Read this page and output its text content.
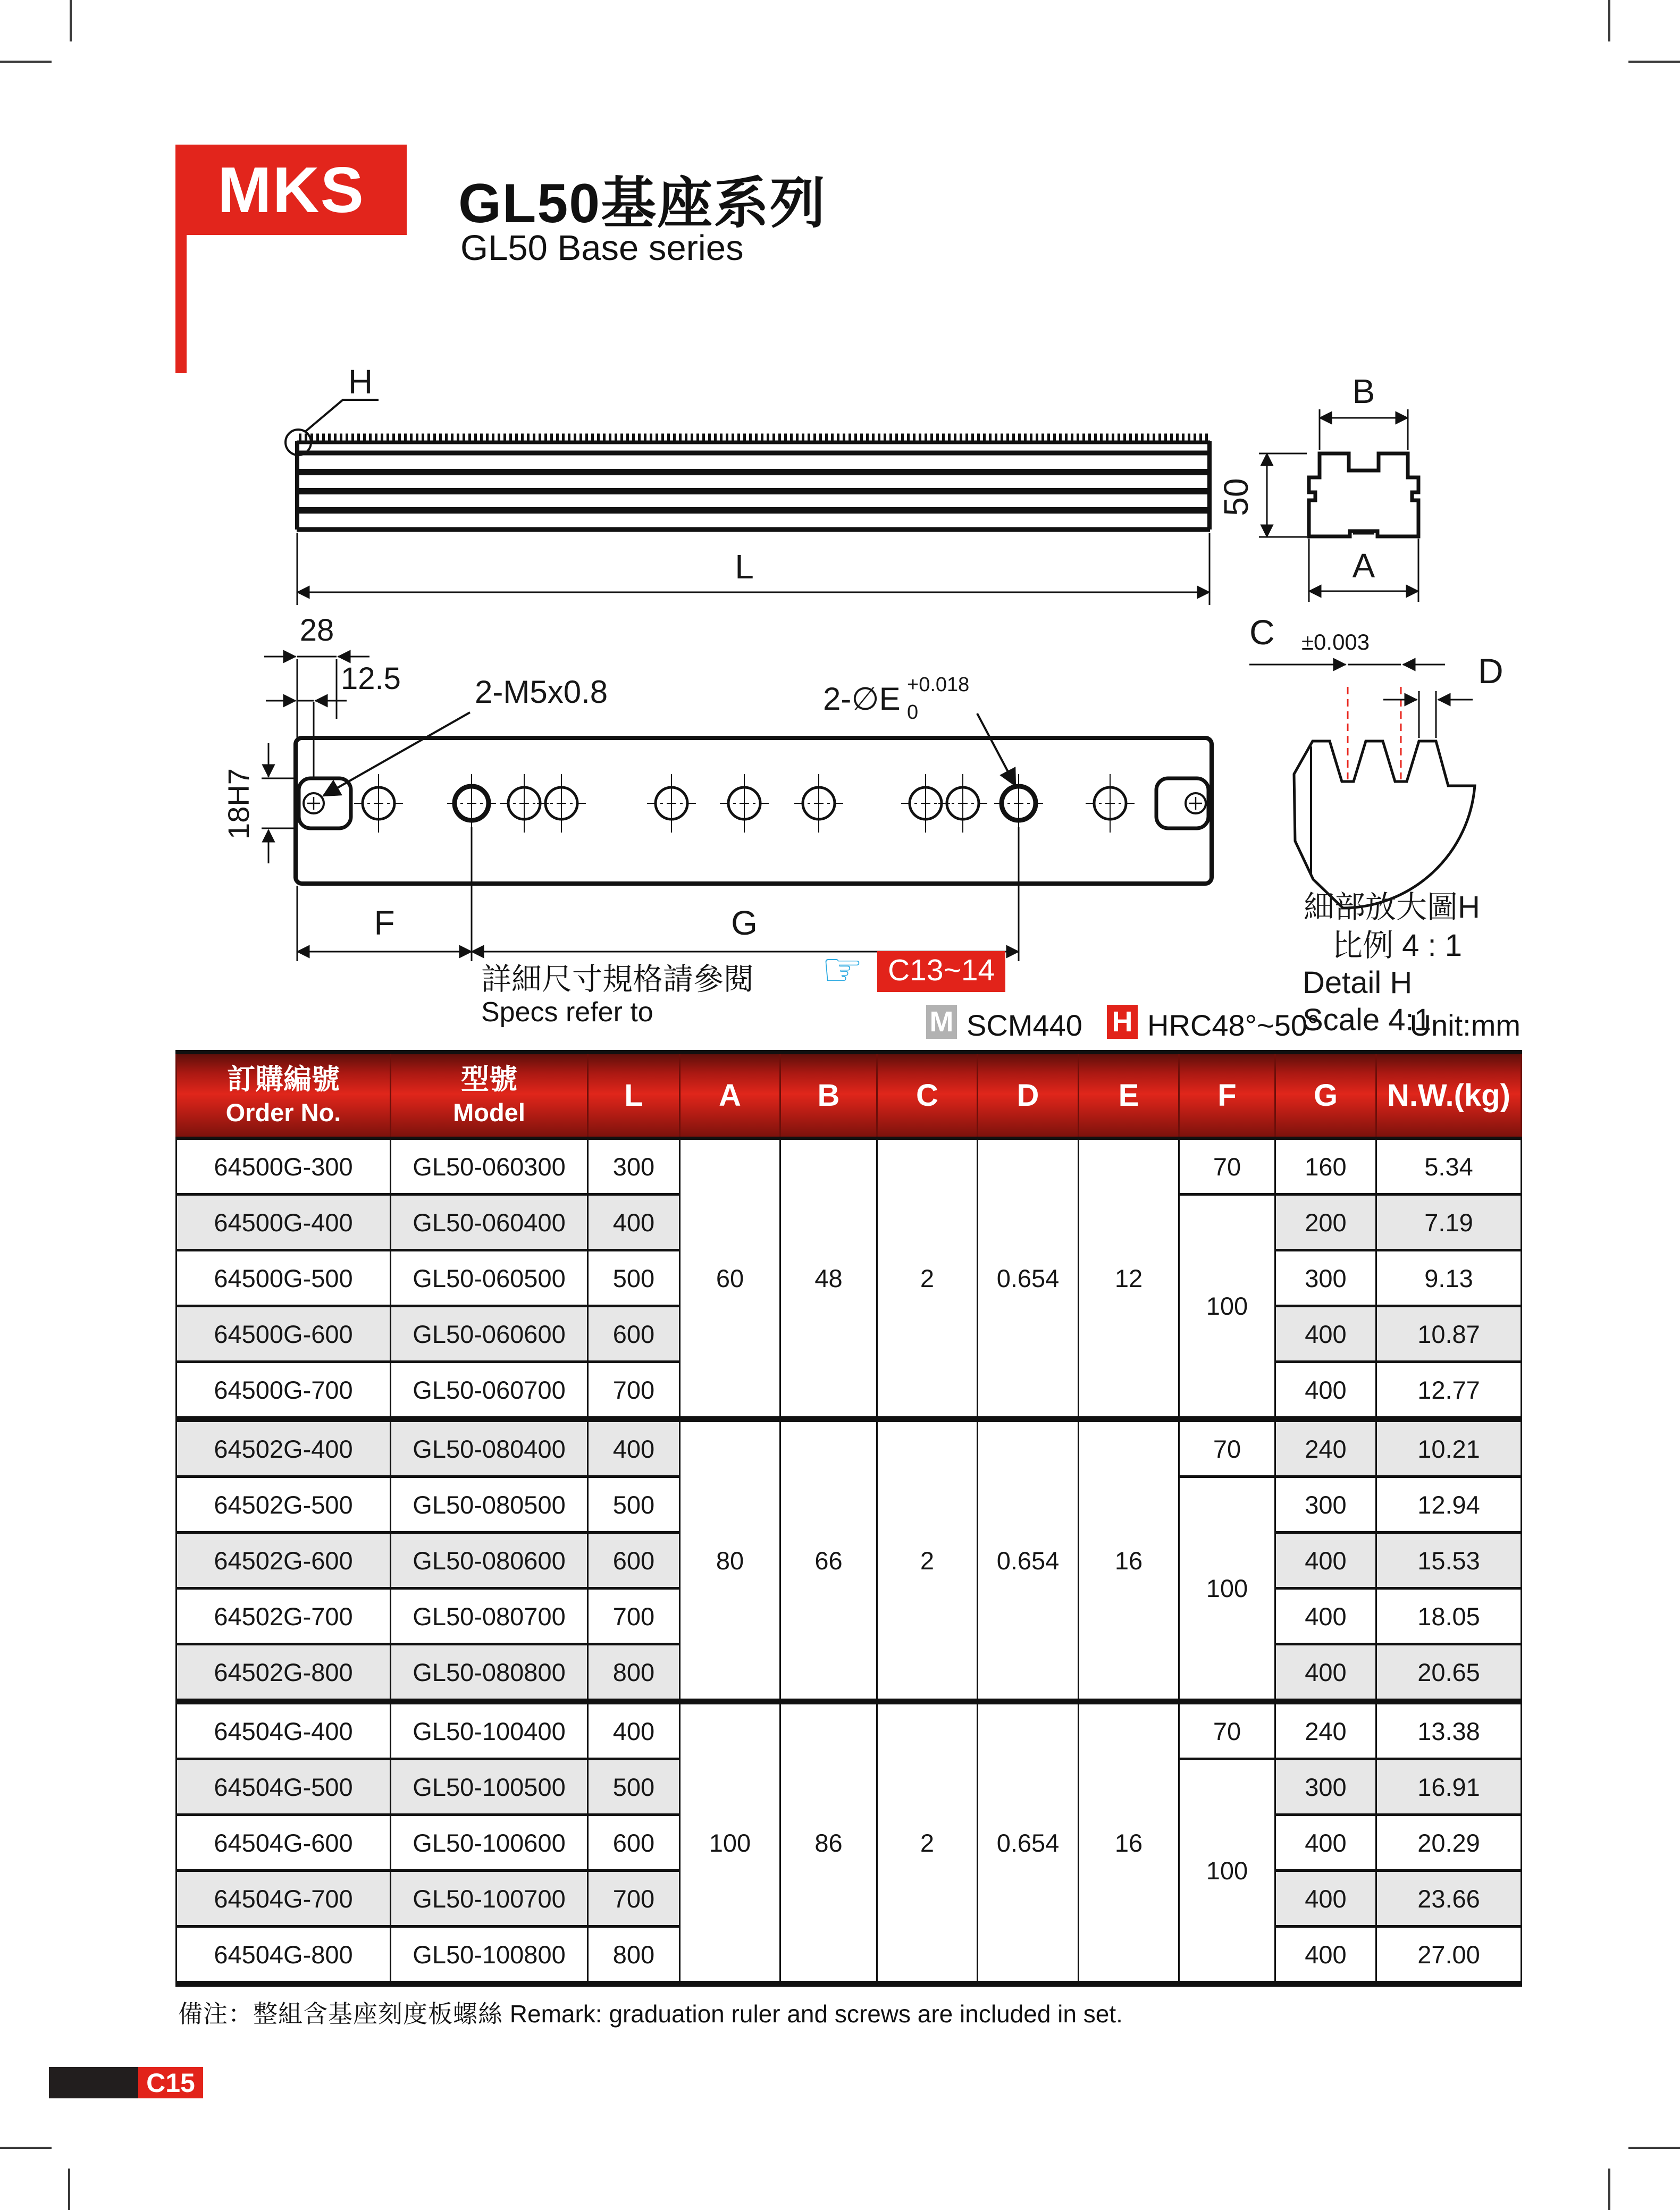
H
L
50
B
A
28
12.5 2-M5x0.8	2-∅E +0.018
0
18H7
F	G
C ±0.003
D
細部放大圖H
比例 4 : 1
Detail H
Scale 4:1
MKS GL50基座系列
GL50 Base series
詳細尺寸規格請參閱 ☞ C13~14
Specs refer to	M SCM440 H HRC48°~50°	Unit:mm
訂購編號
Order No.

型號
Model	L	A	B	C	D	E	F	G	N.W.(kg)

64500G-300	GL50-060300	300	60	48	2	0.654	12	70	160	5.34
64500G-400	GL50-060400	400						100	200	7.19
64500G-500	GL50-060500	500							300	9.13
64500G-600	GL50-060600	600							400	10.87
64500G-700	GL50-060700	700							400	12.77
64502G-400	GL50-080400	400	80	66	2	0.654	16	70	240	10.21
64502G-500	GL50-080500	500						100	300	12.94
64502G-600	GL50-080600	600							400	15.53
64502G-700	GL50-080700	700							400	18.05
64502G-800	GL50-080800	800							400	20.65
64504G-400	GL50-100400	400	100	86	2	0.654	16	70	240	13.38
64504G-500	GL50-100500	500						100	300	16.91
64504G-600	GL50-100600	600							400	20.29
64504G-700	GL50-100700	700							400	23.66
64504G-800	GL50-100800	800							400	27.00
備注：整組含基座刻度板螺絲 Remark: graduation ruler and screws are included in set.
C15
